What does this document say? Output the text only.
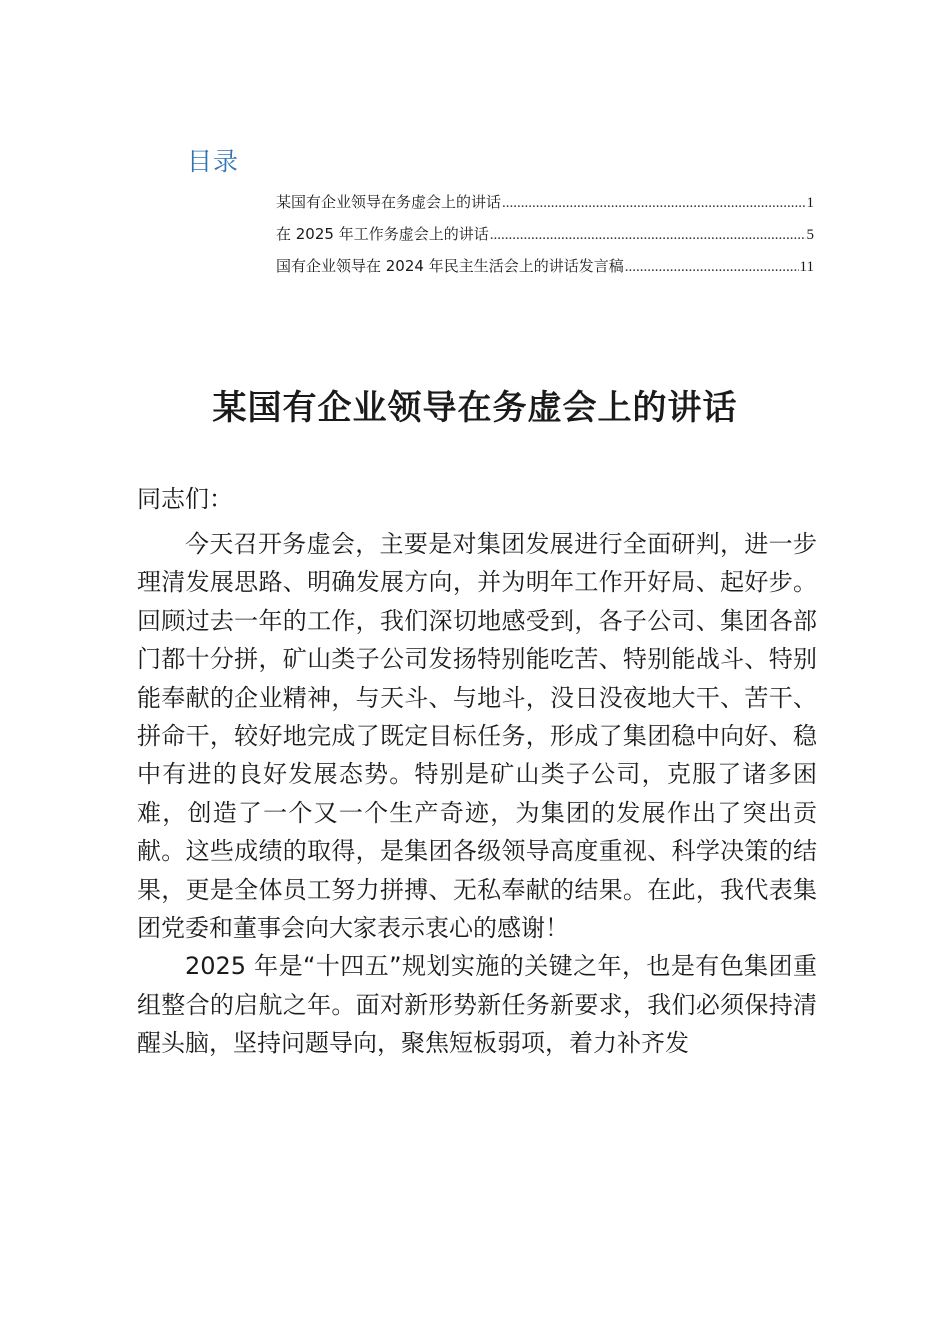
目录
某国有企业领导在务虚会上的讲话 .....	1
在 2025 年工作务虚会上的讲话 .....	5
国有企业领导在 2024 年民主生活会上的讲话发言稿 .....	11
某国有企业领导在务虚会上的讲话

同志们：

今天召开务虚会，主要是对集团发展进行全面研判，进一步理清发展思路、明确发展方向，并为明年工作开好局、起好步。回顾过去一年的工作，我们深切地感受到，各子公司、集团各部门都十分拼，矿山类子公司发扬特别能吃苦、特别能战斗、特别能奉献的企业精神，与天斗、与地斗，没日没夜地大干、苦干、拼命干，较好地完成了既定目标任务，形成了集团稳中向好、稳中有进的良好发展态势。特别是矿山类子公司，克服了诸多困难，创造了一个又一个生产奇迹，为集团的发展作出了突出贡献。这些成绩的取得，是集团各级领导高度重视、科学决策的结果，更是全体员工努力拼搏、无私奉献的结果。在此，我代表集团党委和董事会向大家表示衷心的感谢！

2025 年是“十四五”规划实施的关键之年，也是有色集团重组整合的启航之年。面对新形势新任务新要求，我们必须保持清醒头脑，坚持问题导向，聚焦短板弱项，着力补齐发
